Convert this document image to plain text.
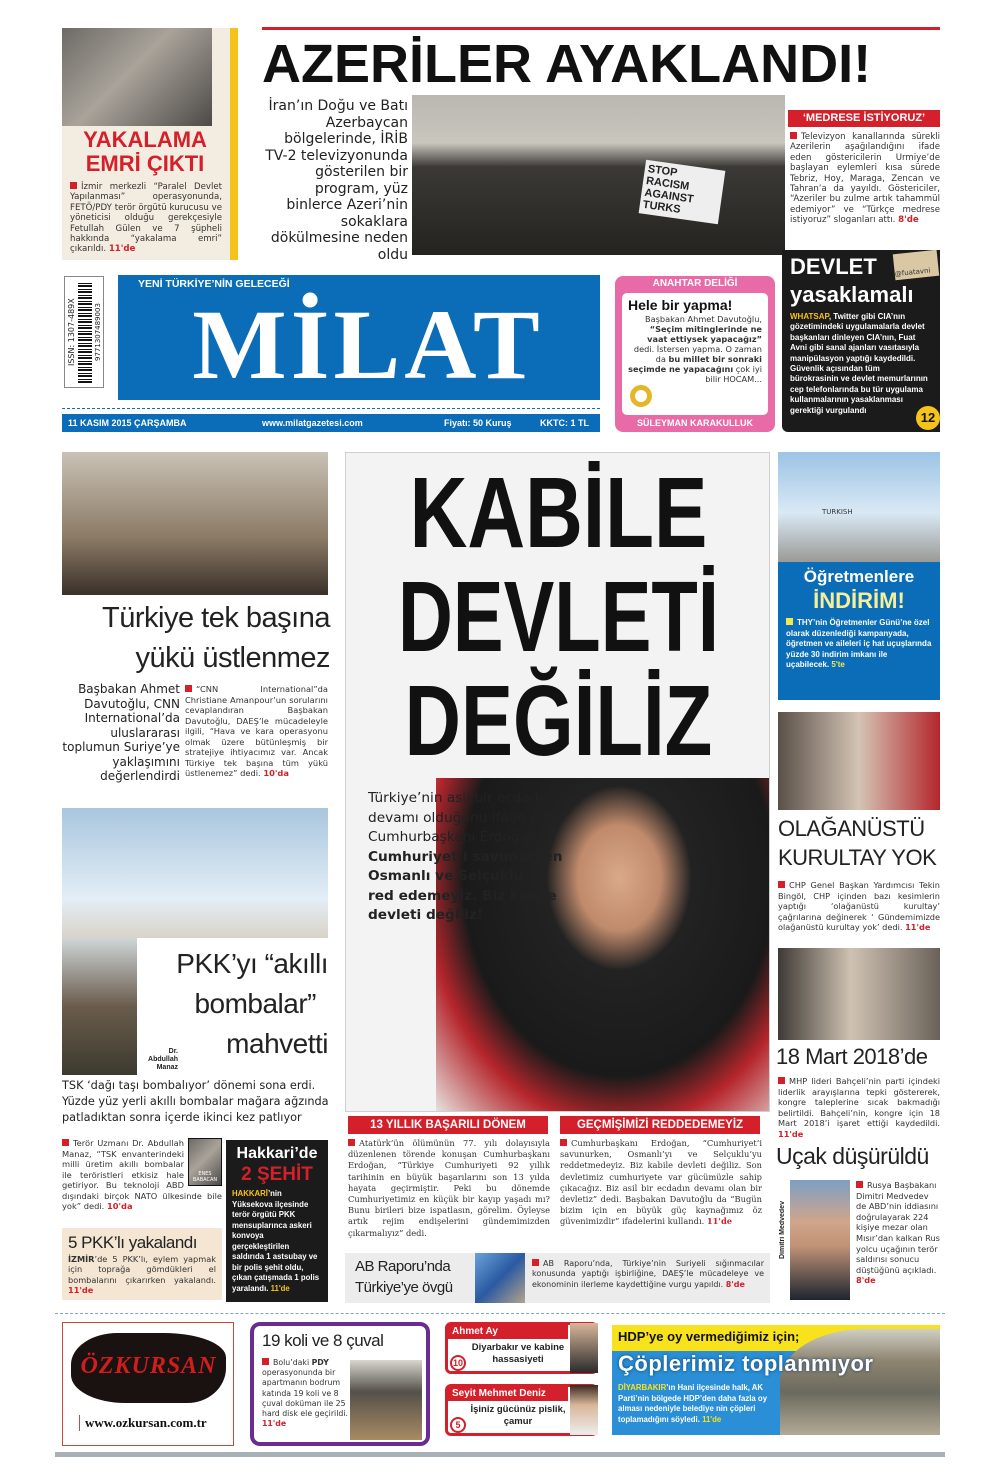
YAKALAMA
EMRİ ÇIKTI
İzmir merkezli “Paralel Devlet Yapılanması” operasyonunda, FETÖ/PDY terör örgütü kurucusu ve yöneticisi olduğu gerekçesiyle Fetullah Gülen ve 7 şüpheli hakkında “yakalama emri” çıkarıldı. 11'de
AZERİLER AYAKLANDI!
İran’ın Doğu ve Batı Azerbaycan bölgelerinde, İRİB TV-2 televizyonunda gösterilen bir program, yüz binlerce Azeri’nin sokaklara dökülmesine neden oldu
STOP RACISM AGAINST TURKS
‘MEDRESE İSTİYORUZ’
Televizyon kanallarında sürekli Azerilerin aşağılandığını ifade eden göstericilerin Urmiye’de başlayan eylemleri kısa sürede Tebriz, Hoy, Maraga, Zencan ve Tahran’a da yayıldı. Göstericiler, “Azeriler bu zulme artık tahammül edemiyor” ve “Türkçe medrese istiyoruz” sloganları attı. 8'de
ISSN: 1307-489X	9771307489003
YENİ TÜRKİYE’NİN GELECEĞİ
MİLAT
11 KASIM 2015 ÇARŞAMBA	www.milatgazetesi.com	Fiyatı: 50 Kuruş	KKTC: 1 TL
ANAHTAR DELİĞİ
Hele bir yapma!
Başbakan Ahmet Davutoğlu, “Seçim mitinglerinde ne vaat ettiysek yapacağız” dedi. İstersen yapma. O zaman da bu millet bir sonraki seçimde ne yapacağını çok iyi bilir HOCAM...
SÜLEYMAN KARAKULLUK
DEVLET	@fuatavni
yasaklamalı
WHATSAP, Twitter gibi CIA’nın gözetimindeki uygulamalarla devlet başkanları dinleyen CIA’nın, Fuat Avni gibi sanal ajanları vasıtasıyla manipülasyon yaptığı kaydedildi. Güvenlik açısından tüm bürokrasinin ve devlet memurlarının cep telefonlarında bu tür uygulama kullanmalarının yasaklanması gerektiği vurgulandı	12
Türkiye tek başına
yükü üstlenmez
Başbakan Ahmet Davutoğlu, CNN International’da uluslararası toplumun Suriye’ye yaklaşımını değerlendirdi
“CNN International”da Christiane Amanpour’un sorularını cevaplandıran Başbakan Davutoğlu, DAEŞ’le mücadeleyle ilgili, “Hava ve kara operasyonu olmak üzere bütünleşmiş bir stratejiye ihtiyacımız var. Ancak Türkiye tek başına tüm yükü üstlenemez” dedi. 10'da
Dr. Abdullah Manaz
PKK’yı “akıllı
bombalar”
mahvetti
TSK ‘dağı taşı bombalıyor’ dönemi sona erdi. Yüzde yüz yerli akıllı bombalar mağara ağzında patladıktan sonra içerde ikinci kez patlıyor
ENES BABACAN
Terör Uzmanı Dr. Abdullah Manaz, “TSK envanterindeki milli üretim akıllı bombalar ile teröristleri etkisiz hale getiriyor. Bu teknoloji ABD dışındaki birçok NATO ülkesinde bile yok” dedi. 10'da
5 PKK’lı yakalandı
İZMİR’de 5 PKK’lı, eylem yapmak için toprağa gömdükleri el bombalarını çıkarırken yakalandı. 11'de
Hakkari’de
2 ŞEHİT
HAKKARİ’nin Yüksekova ilçesinde terör örgütü PKK mensuplarınca askeri konvoya gerçekleştirilen saldırıda 1 astsubay ve bir polis şehit oldu, çıkan çatışmada 1 polis yaralandı. 11'de
KABİLE
DEVLETİ
DEĞİLİZ
Türkiye’nin asil bir ecdadın devamı olduğunu ifade eden Cumhurbaşkanı Erdoğan: Cumhuriyet’i savunurken Osmanlı ve Selçuklu’yu red edemeyiz. Biz kabile devleti değiliz!
13 YILLIK BAŞARILI DÖNEM	GEÇMİŞİMİZİ REDDEDEMEYİZ
Atatürk’ün ölümünün 77. yılı dolayısıyla düzenlenen törende konuşan Cumhurbaşkanı Erdoğan, “Türkiye Cumhuriyeti 92 yıllık tarihinin en büyük başarılarını son 13 yılda hayata geçirmiştir. Peki bu dönemde Cumhuriyetimiz en küçük bir kayıp yaşadı mı? Bunu birileri bize ispatlasın, görelim. Öyleyse artık rejim endişelerini gündemimizden çıkarmalıyız” dedi.
Cumhurbaşkanı Erdoğan, “Cumhuriyet’i savunurken, Osmanlı’yı ve Selçuklu’yu reddetmedeyiz. Biz kabile devleti değiliz. Son devletimiz cumhuriyete var gücümüzle sahip çıkacağız. Biz asil bir ecdadın devamı olan bir devletiz” dedi. Başbakan Davutoğlu da “Bugün bizim için en büyük güç kaynağımız öz güvenimizdir” ifadelerini kullandı. 11'de
AB Raporu’nda
Türkiye’ye övgü
AB Raporu’nda, Türkiye’nin Suriyeli sığınmacılar konusunda yaptığı işbirliğine, DAEŞ’le mücadeleye ve ekonominin ilerleme kaydettiğine vurgu yapıldı. 8'de
TURKISH
Öğretmenlere
İNDİRİM!
THY’nin Öğretmenler Günü’ne özel olarak düzenlediği kampanyada, öğretmen ve aileleri iç hat uçuşlarında yüzde 30 indirim imkanı ile uçabilecek. 5'te
OLAĞANÜSTÜ
KURULTAY YOK
CHP Genel Başkan Yardımcısı Tekin Bingöl, CHP içinden bazı kesimlerin yaptığı ‘olağanüstü kurultay’ çağrılarına değinerek ‘ Gündemimizde olağanüstü kurultay yok’ dedi. 11'de
18 Mart 2018’de
MHP lideri Bahçeli’nin parti içindeki liderlik arayışlarına tepki göstererek, kongre taleplerine sıcak bakmadığı belirtildi. Bahçeli’nin, kongre için 18 Mart 2018’i işaret ettiği kaydedildi. 11'de
Uçak düşürüldü
Dimitri Medvedev
Rusya Başbakanı Dimitri Medvedev de ABD’nin iddiasını doğrulayarak 224 kişiye mezar olan Mısır’dan kalkan Rus yolcu uçağının terör saldırısı sonucu düştüğünü açıkladı. 8'de
ÖZKURSAN
www.ozkursan.com.tr
19 koli ve 8 çuval
Bolu’daki PDY operasyonunda bir apartmanın bodrum katında 19 koli ve 8 çuval doküman ile 25 hard disk ele geçirildi. 11'de
Ahmet Ay
10
Diyarbakır ve kabine hassasiyeti
Seyit Mehmet Deniz
5
İşiniz gücünüz pislik, çamur
HDP’ye oy vermediğimiz için;
Çöplerimiz toplanmıyor
DİYARBAKIR’ın Hani ilçesinde halk, AK Parti’nin bölgede HDP’den daha fazla oy alması nedeniyle belediye nin çöpleri toplamadığını söyledi. 11'de
